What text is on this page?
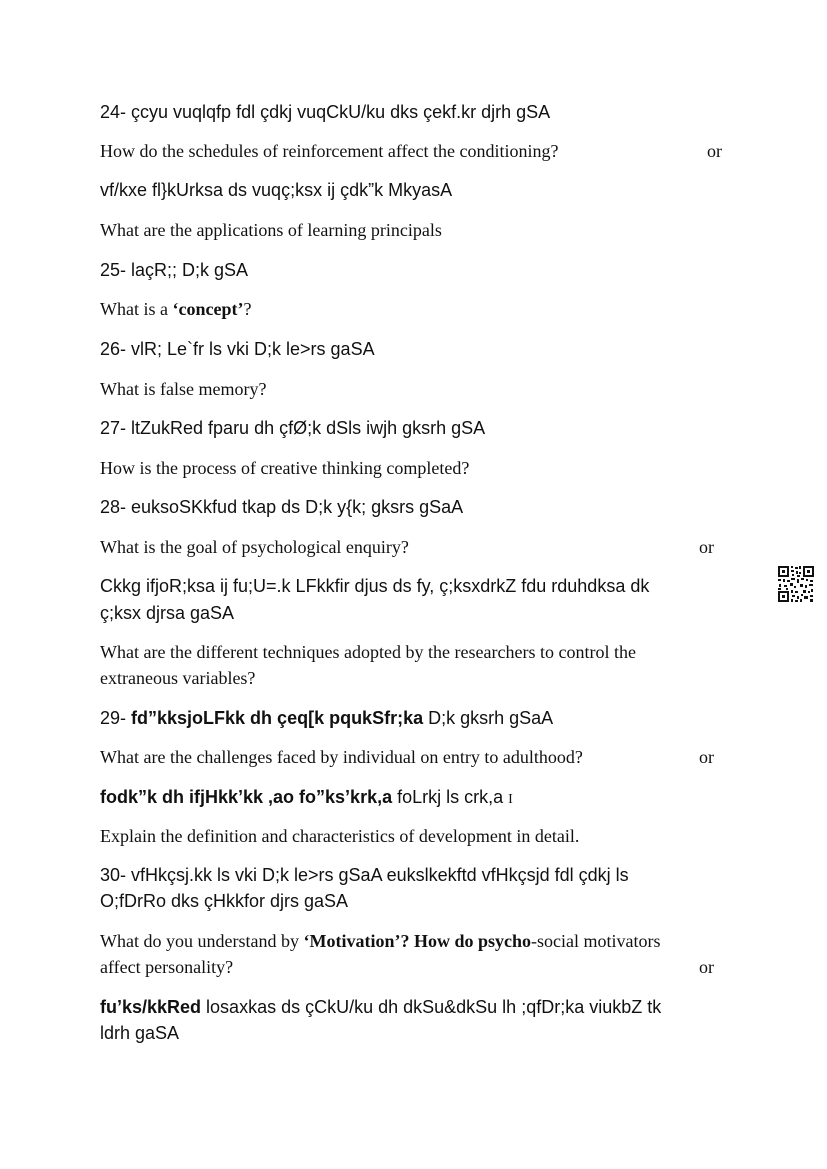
24- çcyu vuqlqfp fdl çdkj vuqCkU/ku dks çekf.kr djrh gSA

How do the schedules of reinforcement affect the conditioning?	or

vf/kxe fl}kUrksa ds vuqç;ksx ij çdk”k MkyasA

What are the applications of learning principals

25- laçR;; D;k gSA

What is a ‘concept’?

26- vlR; Le`fr ls vki D;k le>rs gaSA

What is false memory?

27- ltZukRed fparu dh çfØ;k dSls iwjh gksrh gSA

How is the process of creative thinking completed?

28- euksoSKkfud tkap ds D;k y{k; gksrs gSaA

What is the goal of psychological enquiry?	or

Ckkg ifjoR;ksa ij fu;U=.k LFkkfir djus ds fy, ç;ksxdrkZ fdu rduhdksa dk

ç;ksx djrsa gaSA

What are the different techniques adopted by the researchers to control the

extraneous variables?

29- fd”kksjoLFkk dh çeq[k pqukSfr;ka D;k gksrh gSaA

What are the challenges faced by individual on entry to adulthood?	or

fodk”k dh ifjHkk’kk ,ao fo”ks’krk,a foLrkj ls crk,a I

Explain the definition and characteristics of development in detail.

30- vfHkçsj.kk ls vki D;k le>rs gSaA eukslkekftd vfHkçsjd fdl çdkj ls

O;fDrRo dks çHkkfor djrs gaSA

What do you understand by ‘Motivation’? How do psycho-social motivators

affect personality?	or

fu’ks/kkRed losaxkas ds çCkU/ku dh dkSu&dkSu lh ;qfDr;ka viukbZ tk

ldrh gaSA
